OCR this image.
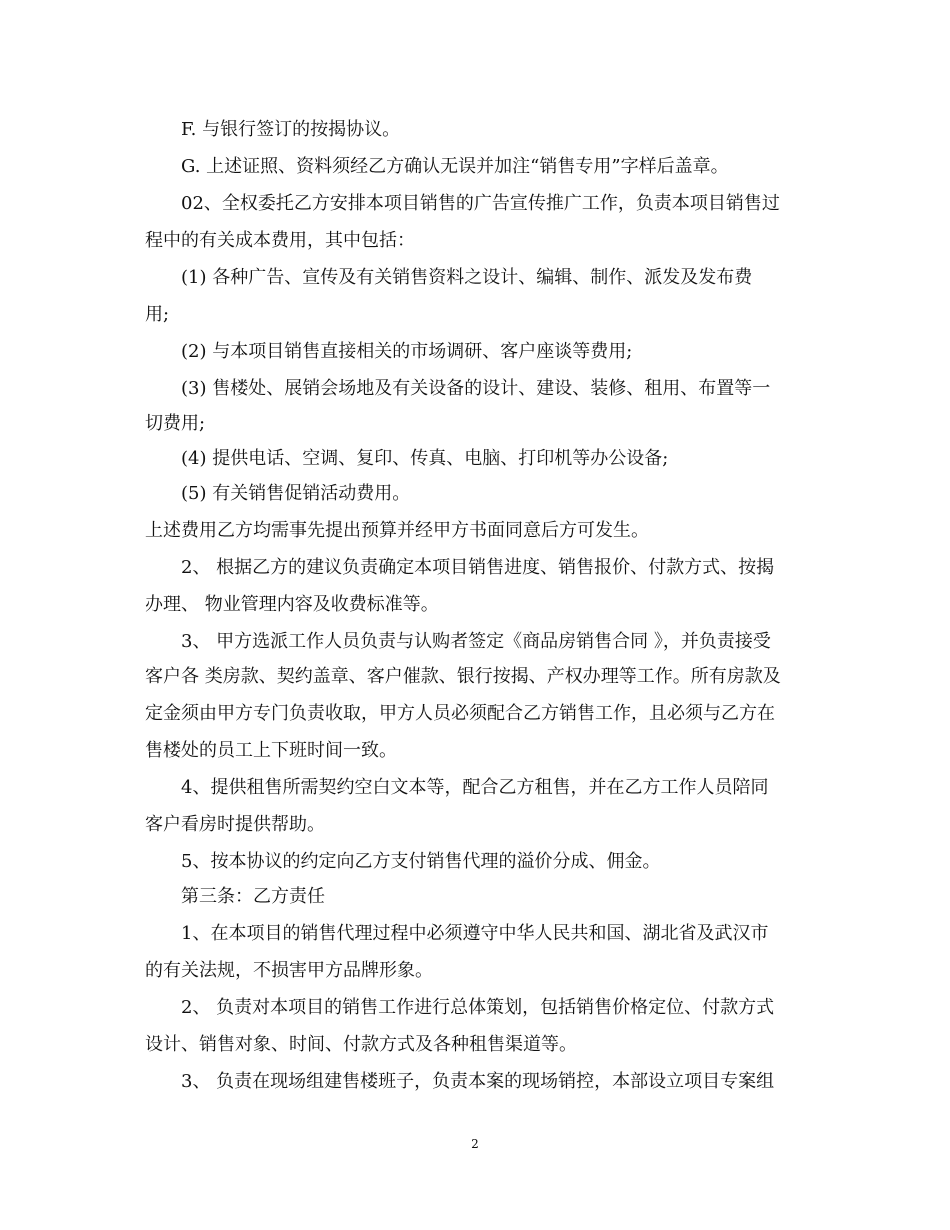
F. 与银行签订的按揭协议。
G. 上述证照、资料须经乙方确认无误并加注“销售专用”字样后盖章。
02、全权委托乙方安排本项目销售的广告宣传推广工作，负责本项目销售过
程中的有关成本费用，其中包括：
(1) 各种广告、宣传及有关销售资料之设计、编辑、制作、派发及发布费
用;
(2) 与本项目销售直接相关的市场调研、客户座谈等费用;
(3) 售楼处、展销会场地及有关设备的设计、建设、装修、租用、布置等一
切费用;
(4) 提供电话、空调、复印、传真、电脑、打印机等办公设备;
(5) 有关销售促销活动费用。
上述费用乙方均需事先提出预算并经甲方书面同意后方可发生。
2、 根据乙方的建议负责确定本项目销售进度、销售报价、付款方式、按揭
办理、 物业管理内容及收费标准等。
3、 甲方选派工作人员负责与认购者签定《商品房销售合同 》，并负责接受
客户各 类房款、契约盖章、客户催款、银行按揭、产权办理等工作。所有房款及
定金须由甲方专门负责收取，甲方人员必须配合乙方销售工作，且必须与乙方在
售楼处的员工上下班时间一致。
4、提供租售所需契约空白文本等，配合乙方租售，并在乙方工作人员陪同
客户看房时提供帮助。
5、按本协议的约定向乙方支付销售代理的溢价分成、佣金。
第三条：乙方责任
1、在本项目的销售代理过程中必须遵守中华人民共和国、湖北省及武汉市
的有关法规，不损害甲方品牌形象。
2、 负责对本项目的销售工作进行总体策划，包括销售价格定位、付款方式
设计、销售对象、时间、付款方式及各种租售渠道等。
3、 负责在现场组建售楼班子，负责本案的现场销控，本部设立项目专案组
2
